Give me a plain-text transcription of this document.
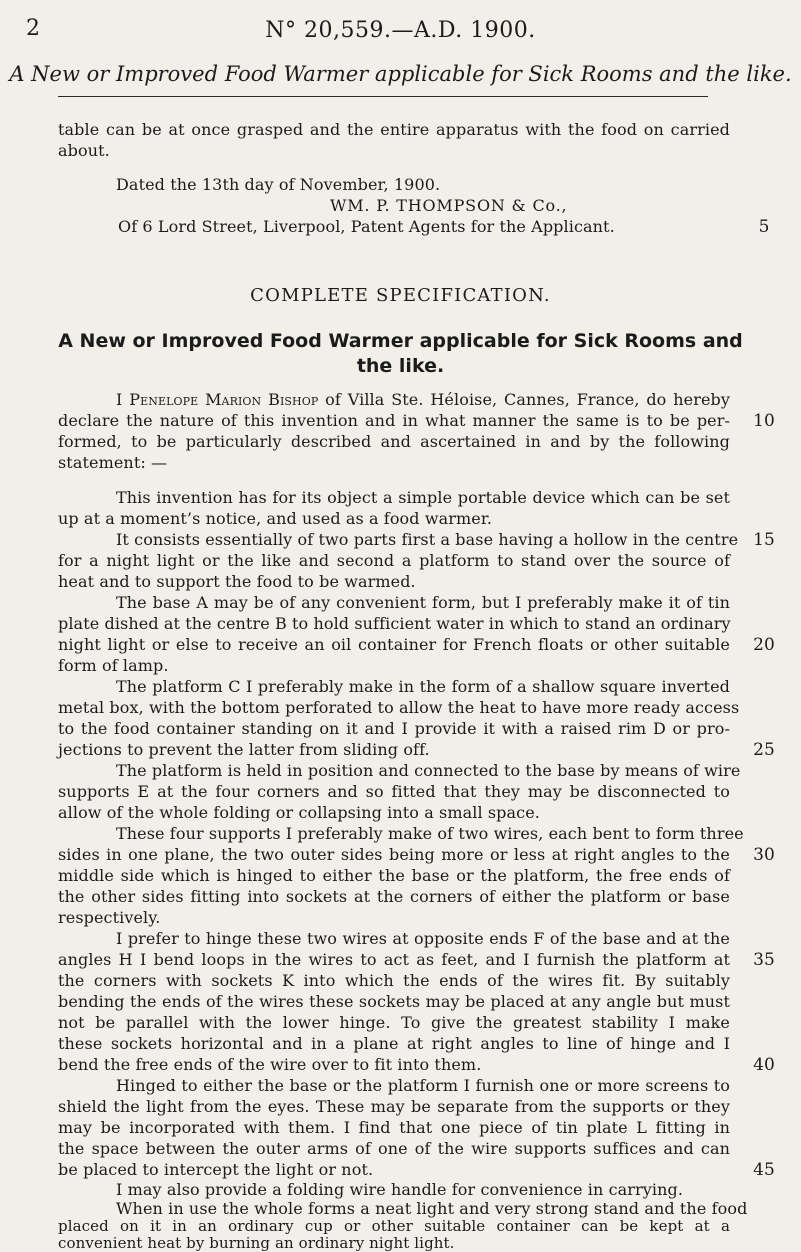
2	N° 20,559.—A.D. 1900.
A New or Improved Food Warmer applicable for Sick Rooms and the like.
table can be at once grasped and the entire apparatus with the food on carried
about.
Dated the 13th day of November, 1900.
WM. P. THOMPSON & Co.,
Of 6 Lord Street, Liverpool, Patent Agents for the Applicant.	5
COMPLETE SPECIFICATION.
A New or Improved Food Warmer applicable for Sick Rooms and
the like.
I Penelope Marion Bishop of Villa Ste. Héloise, Cannes, France, do hereby
declare the nature of this invention and in what manner the same is to be per-	10
formed, to be particularly described and ascertained in and by the following
statement: —
This invention has for its object a simple portable device which can be set
up at a moment’s notice, and used as a food warmer.
It consists essentially of two parts first a base having a hollow in the centre 15
for a night light or the like and second a platform to stand over the source of
heat and to support the food to be warmed.
The base A may be of any convenient form, but I preferably make it of tin
plate dished at the centre B to hold sufficient water in which to stand an ordinary
night light or else to receive an oil container for French floats or other suitable	20
form of lamp.
The platform C I preferably make in the form of a shallow square inverted
metal box, with the bottom perforated to allow the heat to have more ready access
to the food container standing on it and I provide it with a raised rim D or pro-
jections to prevent the latter from sliding off.	25
The platform is held in position and connected to the base by means of wire
supports E at the four corners and so fitted that they may be disconnected to
allow of the whole folding or collapsing into a small space.
These four supports I preferably make of two wires, each bent to form three
sides in one plane, the two outer sides being more or less at right angles to the	30
middle side which is hinged to either the base or the platform, the free ends of
the other sides fitting into sockets at the corners of either the platform or base
respectively.
I prefer to hinge these two wires at opposite ends F of the base and at the
angles H I bend loops in the wires to act as feet, and I furnish the platform at	35
the corners with sockets K into which the ends of the wires fit. By suitably
bending the ends of the wires these sockets may be placed at any angle but must
not be parallel with the lower hinge. To give the greatest stability I make
these sockets horizontal and in a plane at right angles to line of hinge and I
bend the free ends of the wire over to fit into them.	40
Hinged to either the base or the platform I furnish one or more screens to
shield the light from the eyes. These may be separate from the supports or they
may be incorporated with them. I find that one piece of tin plate L fitting in
the space between the outer arms of one of the wire supports suffices and can
be placed to intercept the light or not.	45
I may also provide a folding wire handle for convenience in carrying.
When in use the whole forms a neat light and very strong stand and the food
placed on it in an ordinary cup or other suitable container can be kept at a
convenient heat by burning an ordinary night light.
